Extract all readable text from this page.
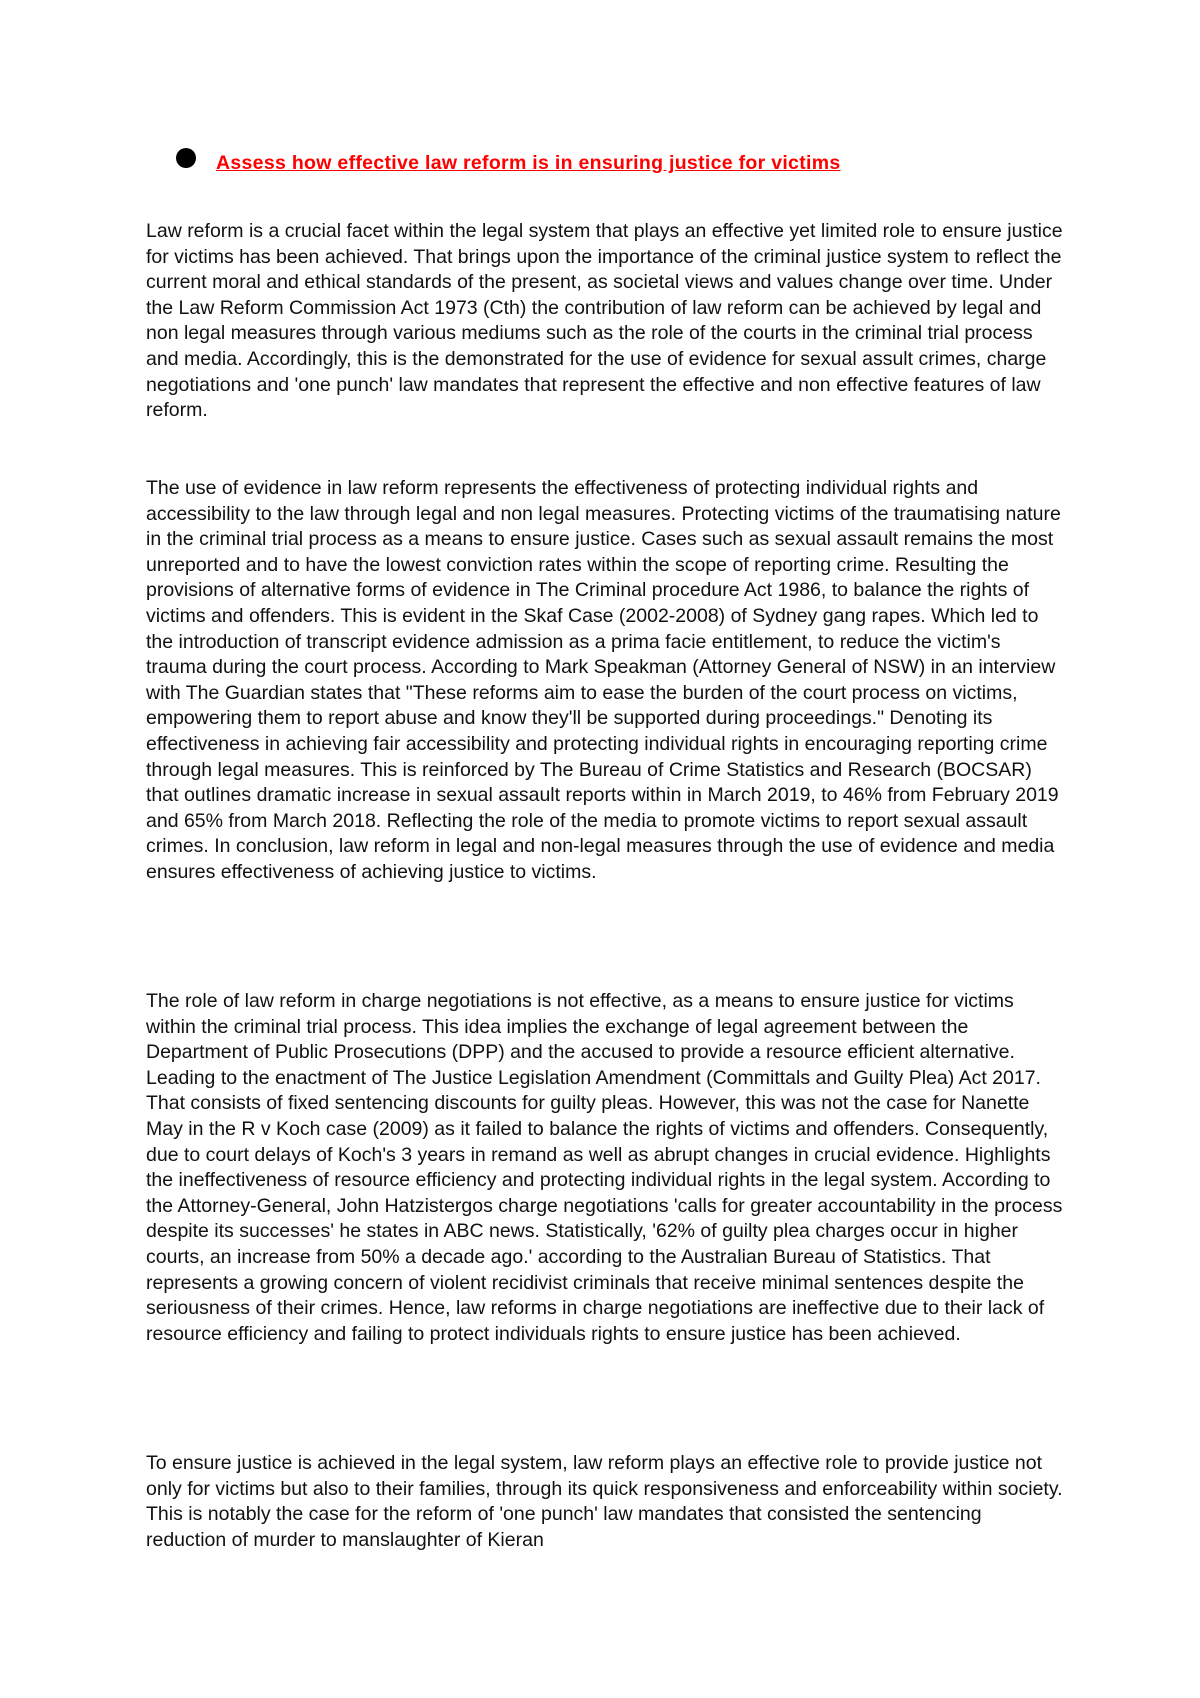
Assess how effective law reform is in ensuring justice for victims

Law reform is a crucial facet within the legal system that plays an effective yet limited role to ensure justice for victims has been achieved. That brings upon the importance of the criminal justice system to reflect the current moral and ethical standards of the present, as societal views and values change over time. Under the Law Reform Commission Act 1973 (Cth) the contribution of law reform can be achieved by legal and non legal measures through various mediums such as the role of the courts in the criminal trial process and media. Accordingly, this is the demonstrated for the use of evidence for sexual assult crimes, charge negotiations and 'one punch' law mandates that represent the effective and non effective features of law reform.

The use of evidence in law reform represents the effectiveness of protecting individual rights and accessibility to the law through legal and non legal measures. Protecting victims of the traumatising nature in the criminal trial process as a means to ensure justice. Cases such as sexual assault remains the most unreported and to have the lowest conviction rates within the scope of reporting crime. Resulting the provisions of alternative forms of evidence in The Criminal procedure Act 1986, to balance the rights of victims and offenders. This is evident in the Skaf Case (2002-2008) of Sydney gang rapes. Which led to the introduction of transcript evidence admission as a prima facie entitlement, to reduce the victim's trauma during the court process. According to Mark Speakman (Attorney General of NSW) in an interview with The Guardian states that "These reforms aim to ease the burden of the court process on victims, empowering them to report abuse and know they'll be supported during proceedings." Denoting its effectiveness in achieving fair accessibility and protecting individual rights in encouraging reporting crime through legal measures. This is reinforced by The Bureau of Crime Statistics and Research (BOCSAR) that outlines dramatic increase in sexual assault reports within in March 2019, to 46% from February 2019 and 65% from March 2018. Reflecting the role of the media to promote victims to report sexual assault crimes. In conclusion, law reform in legal and non-legal measures through the use of evidence and media ensures effectiveness of achieving justice to victims.

The role of law reform in charge negotiations is not effective, as a means to ensure justice for victims within the criminal trial process. This idea implies the exchange of legal agreement between the Department of Public Prosecutions (DPP) and the accused to provide a resource efficient alternative. Leading to the enactment of The Justice Legislation Amendment (Committals and Guilty Plea) Act 2017. That consists of fixed sentencing discounts for guilty pleas. However, this was not the case for Nanette May in the R v Koch case (2009) as it failed to balance the rights of victims and offenders. Consequently, due to court delays of Koch's 3 years in remand as well as abrupt changes in crucial evidence. Highlights the ineffectiveness of resource efficiency and protecting individual rights in the legal system. According to the Attorney-General, John Hatzistergos charge negotiations 'calls for greater accountability in the process despite its successes' he states in ABC news. Statistically, '62% of guilty plea charges occur in higher courts, an increase from 50% a decade ago.' according to the Australian Bureau of Statistics. That represents a growing concern of violent recidivist criminals that receive minimal sentences despite the seriousness of their crimes. Hence, law reforms in charge negotiations are ineffective due to their lack of resource efficiency and failing to protect individuals rights to ensure justice has been achieved.

To ensure justice is achieved in the legal system, law reform plays an effective role to provide justice not only for victims but also to their families, through its quick responsiveness and enforceability within society. This is notably the case for the reform of 'one punch' law mandates that consisted the sentencing reduction of murder to manslaughter of Kieran
